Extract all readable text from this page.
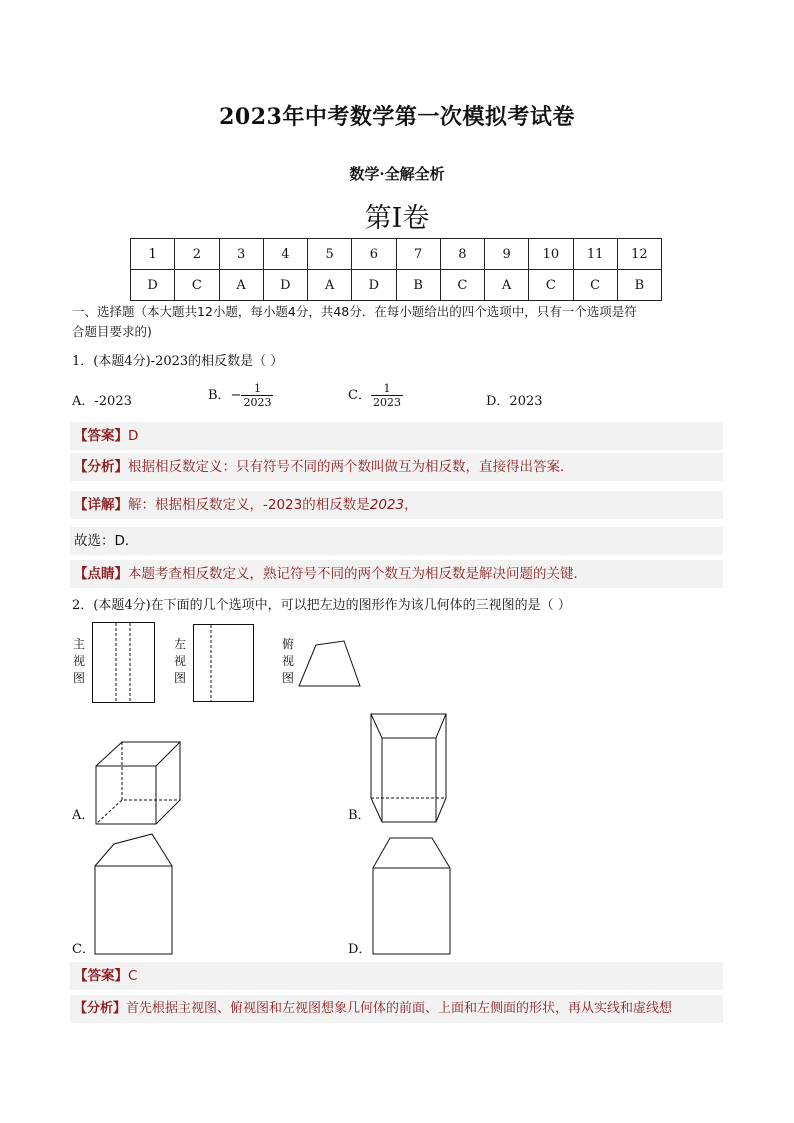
2023年中考数学第一次模拟考试卷
数学·全解全析
第I卷
1	2	3	4	5	6	7	8	9	10	11	12
D	C	A	D	A	D	B	C	A	C	C	B
一、选择题（本大题共12小题，每小题4分，共48分．在每小题给出的四个选项中，只有一个选项是符
合题目要求的)
1．(本题4分)-2023的相反数是（ ）
A．-2023	B．− $\frac{1}{2023}$	C． $\frac{1}{2023}$	D．2023
【答案】D
【分析】根据相反数定义：只有符号不同的两个数叫做互为相反数，直接得出答案．
【详解】解：根据相反数定义，-2023的相反数是2023，
故选：D．
【点睛】本题考查相反数定义，熟记符号不同的两个数互为相反数是解决问题的关键．
2．(本题4分)在下面的几个选项中，可以把左边的图形作为该几何体的三视图的是（ ）
主
视
图
左
视
图
俯
视
图
A．	B．
C．	D．
【答案】C
【分析】首先根据主视图、俯视图和左视图想象几何体的前面、上面和左侧面的形状，再从实线和虚线想
